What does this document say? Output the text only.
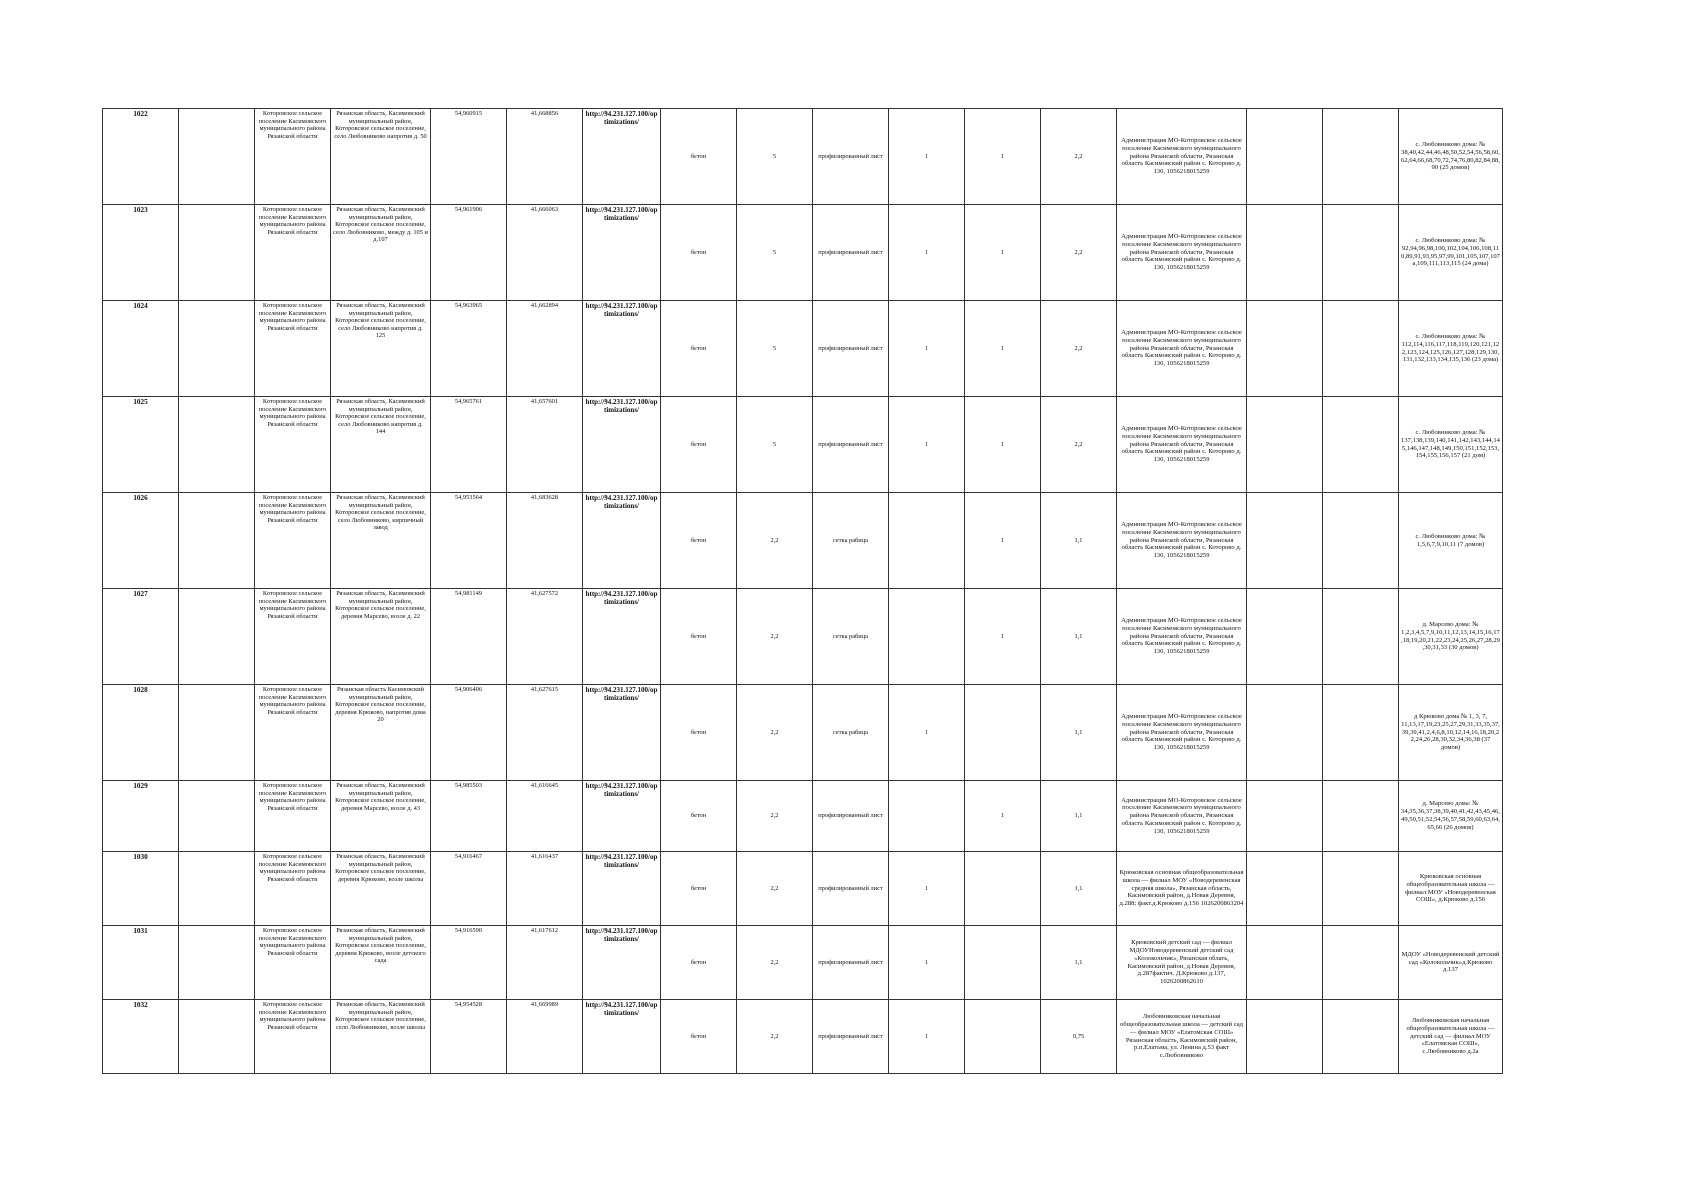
1022		Которовское сельское поселение Касимовского муниципального района Рязанской области	Рязанская область, Касимовский муниципальный район, Которовское сельское поселение, село Любовниково напротив д. 50	54,960915	41,668856	http://94.231.127.100/optimizations/	бетон	5	профилированный лист	1	1	2,2	Администрация МО-Которовское сельское поселение Касимовского муниципального района Рязанской области, Рязанская область Касимовский район с. Которово д. 130, 1056218015259			с. Любовниково дома: № 38,40,42,44,46,48,50,52,54,56,58,60,62,64,66,68,70,72,74,76,80,82,84,88,90 (25 домов)
1023		Которовское сельское поселение Касимовского муниципального района Рязанской области	Рязанская область, Касимовский муниципальный район, Которовское сельское поселение, село Любовниково, между д. 105 и д.107	54,961906	41,666063	http://94.231.127.100/optimizations/	бетон	5	профилированный лист	1	1	2,2	Администрация МО-Которовское сельское поселение Касимовского муниципального района Рязанской области, Рязанская область Касимовский район с. Которово д. 130, 1056218015259			с. Любовниково дома: № 92,94,96,98,100,102,104,106,108,110,89,91,93,95,97,99,101,105,107,107а,109,111,113,115 (24 дома)
1024		Которовское сельское поселение Касимовского муниципального района Рязанской области	Рязанская область, Касимовский муниципальный район, Которовское сельское поселение, село Любовниково напротив д. 125	54,963965	41,662894	http://94.231.127.100/optimizations/	бетон	5	профилированный лист	1	1	2,2	Администрация МО-Которовское сельское поселение Касимовского муниципального района Рязанской области, Рязанская область Касимовский район с. Которово д. 130, 1056218015259			с. Любовниково дома: № 112,114,116,117,118,119,120,121,122,123,124,125,126,127,128,129,130,131,132,133,134,135,136 (23 дома)
1025		Которовское сельское поселение Касимовского муниципального района Рязанской области	Рязанская область, Касимовский муниципальный район, Которовское сельское поселение, село Любовниково напротив д. 144	54,965761	41,657601	http://94.231.127.100/optimizations/	бетон	5	профилированный лист	1	1	2,2	Администрация МО-Которовское сельское поселение Касимовского муниципального района Рязанской области, Рязанская область Касимовский район с. Которово д. 130, 1056218015259			с. Любовниково дома: № 137,138,139,140,141,142,143,144,145,146,147,148,149,150,151,152,153,154,155,156,157 (21 дом)
1026		Которовское сельское поселение Касимовского муниципального района Рязанской области	Рязанская область, Касимовский муниципальный район, Которовское сельское поселение, село Любовниково, кирпичный завод	54,953564	41,683628	http://94.231.127.100/optimizations/	бетон	2,2	сетка рабица		1	1,1	Администрация МО-Которовское сельское поселение Касимовского муниципального района Рязанской области, Рязанская область Касимовский район с. Которово д. 130, 1056218015259			с. Любовниково дома: № 1,5,6,7,9,10,11 (7 домов)
1027		Которовское сельское поселение Касимовского муниципального района Рязанской области	Рязанская область, Касимовский муниципальный район, Которовское сельское поселение, деревня Марсево, возле д. 22	54,981149	41,627572	http://94.231.127.100/optimizations/	бетон	2,2	сетка рабица		1	1,1	Администрация МО-Которовское сельское поселение Касимовского муниципального района Рязанской области, Рязанская область Касимовский район с. Которово д. 130, 1056218015259			д. Марсево дома: № 1,2,3,4,5,7,9,10,11,12,13,14,15,16,17,18,19,20,21,22,23,24,25,26,27,28,29,30,31,33 (30 домов)
1028		Которовское сельское поселение Касимовского муниципального района Рязанской области	Рязанская область Касимовский муниципальный район, Которовское сельское поселение, деревня Крюково, напротив дома 20	54,906406	41,627615	http://94.231.127.100/optimizations/	бетон	2,2	сетка рабица	1		1,1	Администрация МО-Которовское сельское поселение Касимовского муниципального района Рязанской области, Рязанская область Касимовский район с. Которово д. 130, 1056218015259			д Крюково дома № 1, 3, 7, 11,13,17,19,23,25,27,29,31,33,35,37,39,39,41,2,4,6,8,10,12,14,16,18,20,22,24,26,28,30,32,34,36,38 (37 домов)
1029		Которовское сельское поселение Касимовского муниципального района Рязанской области	Рязанская область, Касимовский муниципальный район, Которовское сельское поселение, деревня Марсево, возле д. 43	54,985503	41,616645	http://94.231.127.100/optimizations/	бетон	2,2	профилированный лист		1	1,1	Администрация МО-Которовское сельское поселение Касимовского муниципального района Рязанской области, Рязанская область Касимовский район с. Которово д. 130, 1056218015259			д. Марсево дома: № 34,35,36,37,38,39,40,41,42,43,45,46,49,50,51,52,54,56,57,58,59,60,63,64,65,66 (26 домов)
1030		Которовское сельское поселение Касимовского муниципального района Рязанской области	Рязанская область, Касимовский муниципальный район, Которовское сельское поселение, деревня Крюково, возле школы	54,916467	41,616437	http://94.231.127.100/optimizations/	бетон	2,2	профилированный лист	1		1,1	Крюковская основная общеобразовательная школа — филиал МОУ «Новодеревенская средняя школа», Рязанская область, Касимовский район, д.Новая Деревня, д.288; факт.д.Крюково д.156 1026200863204			Крюковская основная общеобразовательная школа — филиал МОУ «Новодеревенская СОШ», д.Крюково д.156
1031		Которовское сельское поселение Касимовского муниципального района Рязанской области	Рязанская область, Касимовский муниципальный район, Которовское сельское поселение, деревня Крюково, возле детского сада	54,916590	41,617612	http://94.231.127.100/optimizations/	бетон	2,2	профилированный лист	1		1,1	Крюковский детский сад — филиал МДОУНоводеревенский детский сад «Колокольчик», Рязанская облать, Касимовский район, д.Новая Деревня, д.287фактич. Д.Крюково д.137, 1026200862610			МДОУ «Новодеревенский детский сад «Колокольчик»д.Крюково д.137
1032		Которовское сельское поселение Касимовского муниципального района Рязанской области	Рязанская область, Касимовский муниципальный район, Которовское сельское поселение, село Любовниково, возле школы	54,954528	41,669989	http://94.231.127.100/optimizations/	бетон	2,2	профилированный лист	1		0,75	Любовниковская начальная общеобразовательная школа — детский сад — филиал МОУ «Елатомская СОШ» Рязанская область, Касимовский район, р.п.Елатьма, ул. Ленина д.53 факт с.Любовниково			Любовниковская начальная общеобразовательная школа — детский сад — филиал МОУ «Елатомская СОШ», с.Любовниково д.2а
